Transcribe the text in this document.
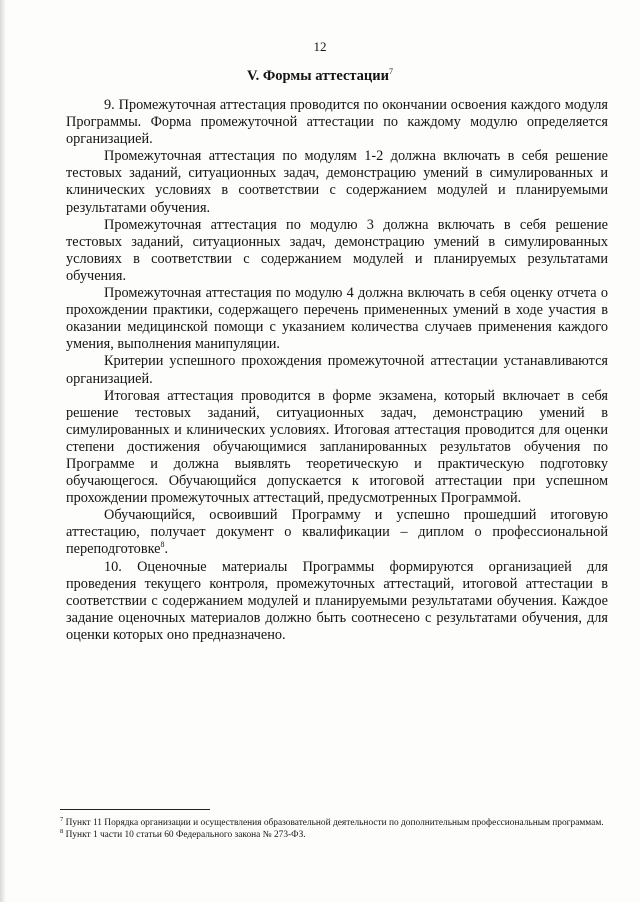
12
V. Формы аттестации$^7$

9. Промежуточная аттестация проводится по окончании освоения каждого модуля Программы. Форма промежуточной аттестации по каждому модулю определяется организацией.

Промежуточная аттестация по модулям 1-2 должна включать в себя решение тестовых заданий, ситуационных задач, демонстрацию умений в симулированных и клинических условиях в соответствии с содержанием модулей и планируемыми результатами обучения.

Промежуточная аттестация по модулю 3 должна включать в себя решение тестовых заданий, ситуационных задач, демонстрацию умений в симулированных условиях в соответствии с содержанием модулей и планируемых результатами обучения.

Промежуточная аттестация по модулю 4 должна включать в себя оценку отчета о прохождении практики, содержащего перечень примененных умений в ходе участия в оказании медицинской помощи с указанием количества случаев применения каждого умения, выполнения манипуляции.

Критерии успешного прохождения промежуточной аттестации устанавливаются организацией.

Итоговая аттестация проводится в форме экзамена, который включает в себя решение тестовых заданий, ситуационных задач, демонстрацию умений в симулированных и клинических условиях. Итоговая аттестация проводится для оценки степени достижения обучающимися запланированных результатов обучения по Программе и должна выявлять теоретическую и практическую подготовку обучающегося. Обучающийся допускается к итоговой аттестации при успешном прохождении промежуточных аттестаций, предусмотренных Программой.

Обучающийся, освоивший Программу и успешно прошедший итоговую аттестацию, получает документ о квалификации – диплом о профессиональной переподготовке$^8$.

10. Оценочные материалы Программы формируются организацией для проведения текущего контроля, промежуточных аттестаций, итоговой аттестации в соответствии с содержанием модулей и планируемыми результатами обучения. Каждое задание оценочных материалов должно быть соотнесено с результатами обучения, для оценки которых оно предназначено.

$^7$ Пункт 11 Порядка организации и осуществления образовательной деятельности по дополнительным профессиональным программам.

$^8$ Пункт 1 части 10 статьи 60 Федерального закона № 273-ФЗ.
